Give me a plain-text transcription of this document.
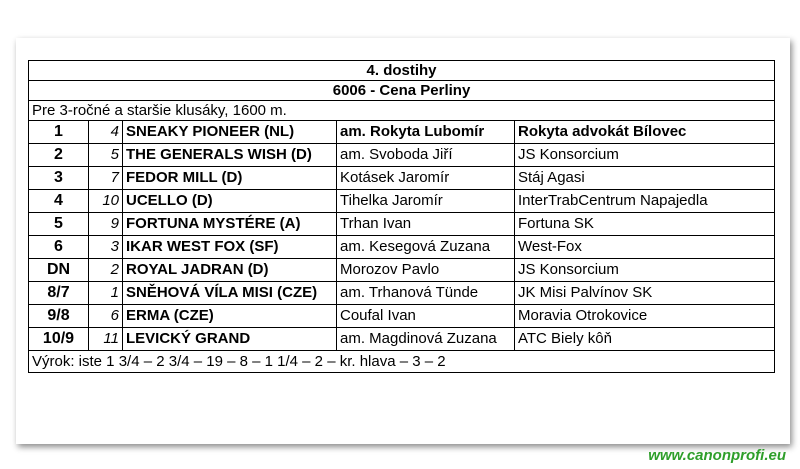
4. dostihy				
6006 - Cena Perliny				
Pre 3-ročné a staršie klusáky, 1600 m.				
1	4	SNEAKY PIONEER (NL)	am. Rokyta Lubomír	Rokyta advokát Bílovec
2	5	THE GENERALS WISH (D)	am. Svoboda Jiří	JS Konsorcium
3	7	FEDOR MILL (D)	Kotásek Jaromír	Stáj Agasi
4	10	UCELLO (D)	Tihelka Jaromír	InterTrabCentrum Napajedla
5	9	FORTUNA MYSTÉRE (A)	Trhan Ivan	Fortuna SK
6	3	IKAR WEST FOX (SF)	am. Kesegová Zuzana	West-Fox
DN	2	ROYAL JADRAN (D)	Morozov Pavlo	JS Konsorcium
8/7	1	SNĚHOVÁ VÍLA MISI (CZE)	am. Trhanová Tünde	JK Misi Palvínov SK
9/8	6	ERMA (CZE)	Coufal Ivan	Moravia Otrokovice
10/9	11	LEVICKÝ GRAND	am. Magdinová Zuzana	ATC Biely kôň
Výrok: iste 1 3/4 – 2 3/4 – 19 – 8 – 1 1/4 – 2 – kr. hlava – 3 – 2				
www.canonprofi.eu
